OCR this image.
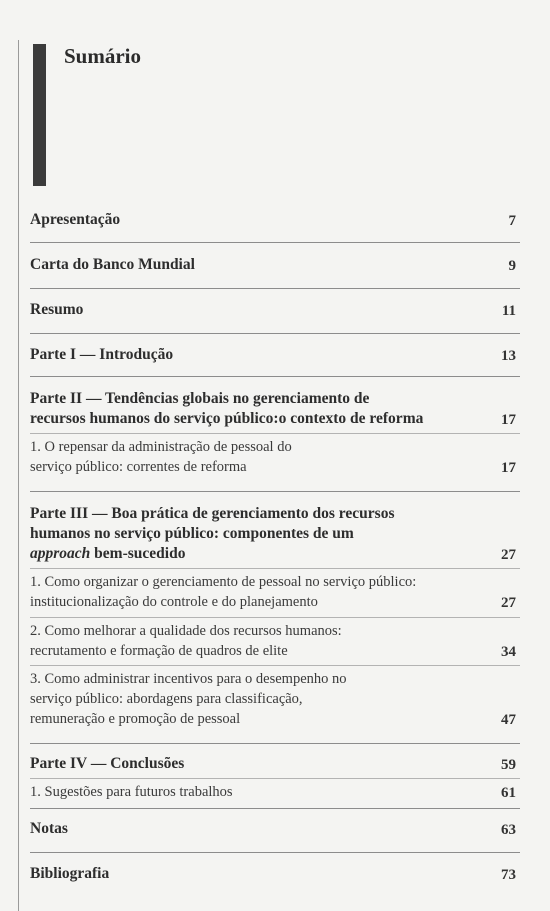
Sumário
Apresentação	7
Carta do Banco Mundial	9
Resumo	11
Parte I — Introdução	13
Parte II — Tendências globais no gerenciamento de
recursos humanos do serviço público:o contexto de reforma	17
1. O repensar da administração de pessoal do
serviço público: correntes de reforma	17
Parte III — Boa prática de gerenciamento dos recursos
humanos no serviço público: componentes de um
approach bem-sucedido	27
1. Como organizar o gerenciamento de pessoal no serviço público:
institucionalização do controle e do planejamento	27
2. Como melhorar a qualidade dos recursos humanos:
recrutamento e formação de quadros de elite	34
3. Como administrar incentivos para o desempenho no
serviço público: abordagens para classificação,
remuneração e promoção de pessoal	47
Parte IV — Conclusões	59
1. Sugestões para futuros trabalhos	61
Notas	63
Bibliografia	73
